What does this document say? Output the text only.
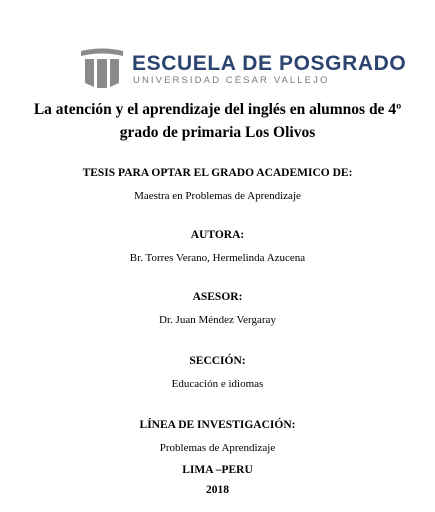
ESCUELA DE POSGRADO
UNIVERSIDAD CÉSAR VALLEJO
La atención y el aprendizaje del inglés en alumnos de 4º
grado de primaria Los Olivos
TESIS PARA OPTAR EL GRADO ACADEMICO DE:
Maestra en Problemas de Aprendizaje
AUTORA:
Br. Torres Verano, Hermelinda Azucena
ASESOR:
Dr. Juan Méndez Vergaray
SECCIÓN:
Educación e idiomas
LÍNEA DE INVESTIGACIÓN:
Problemas de Aprendizaje
LIMA –PERU
2018
